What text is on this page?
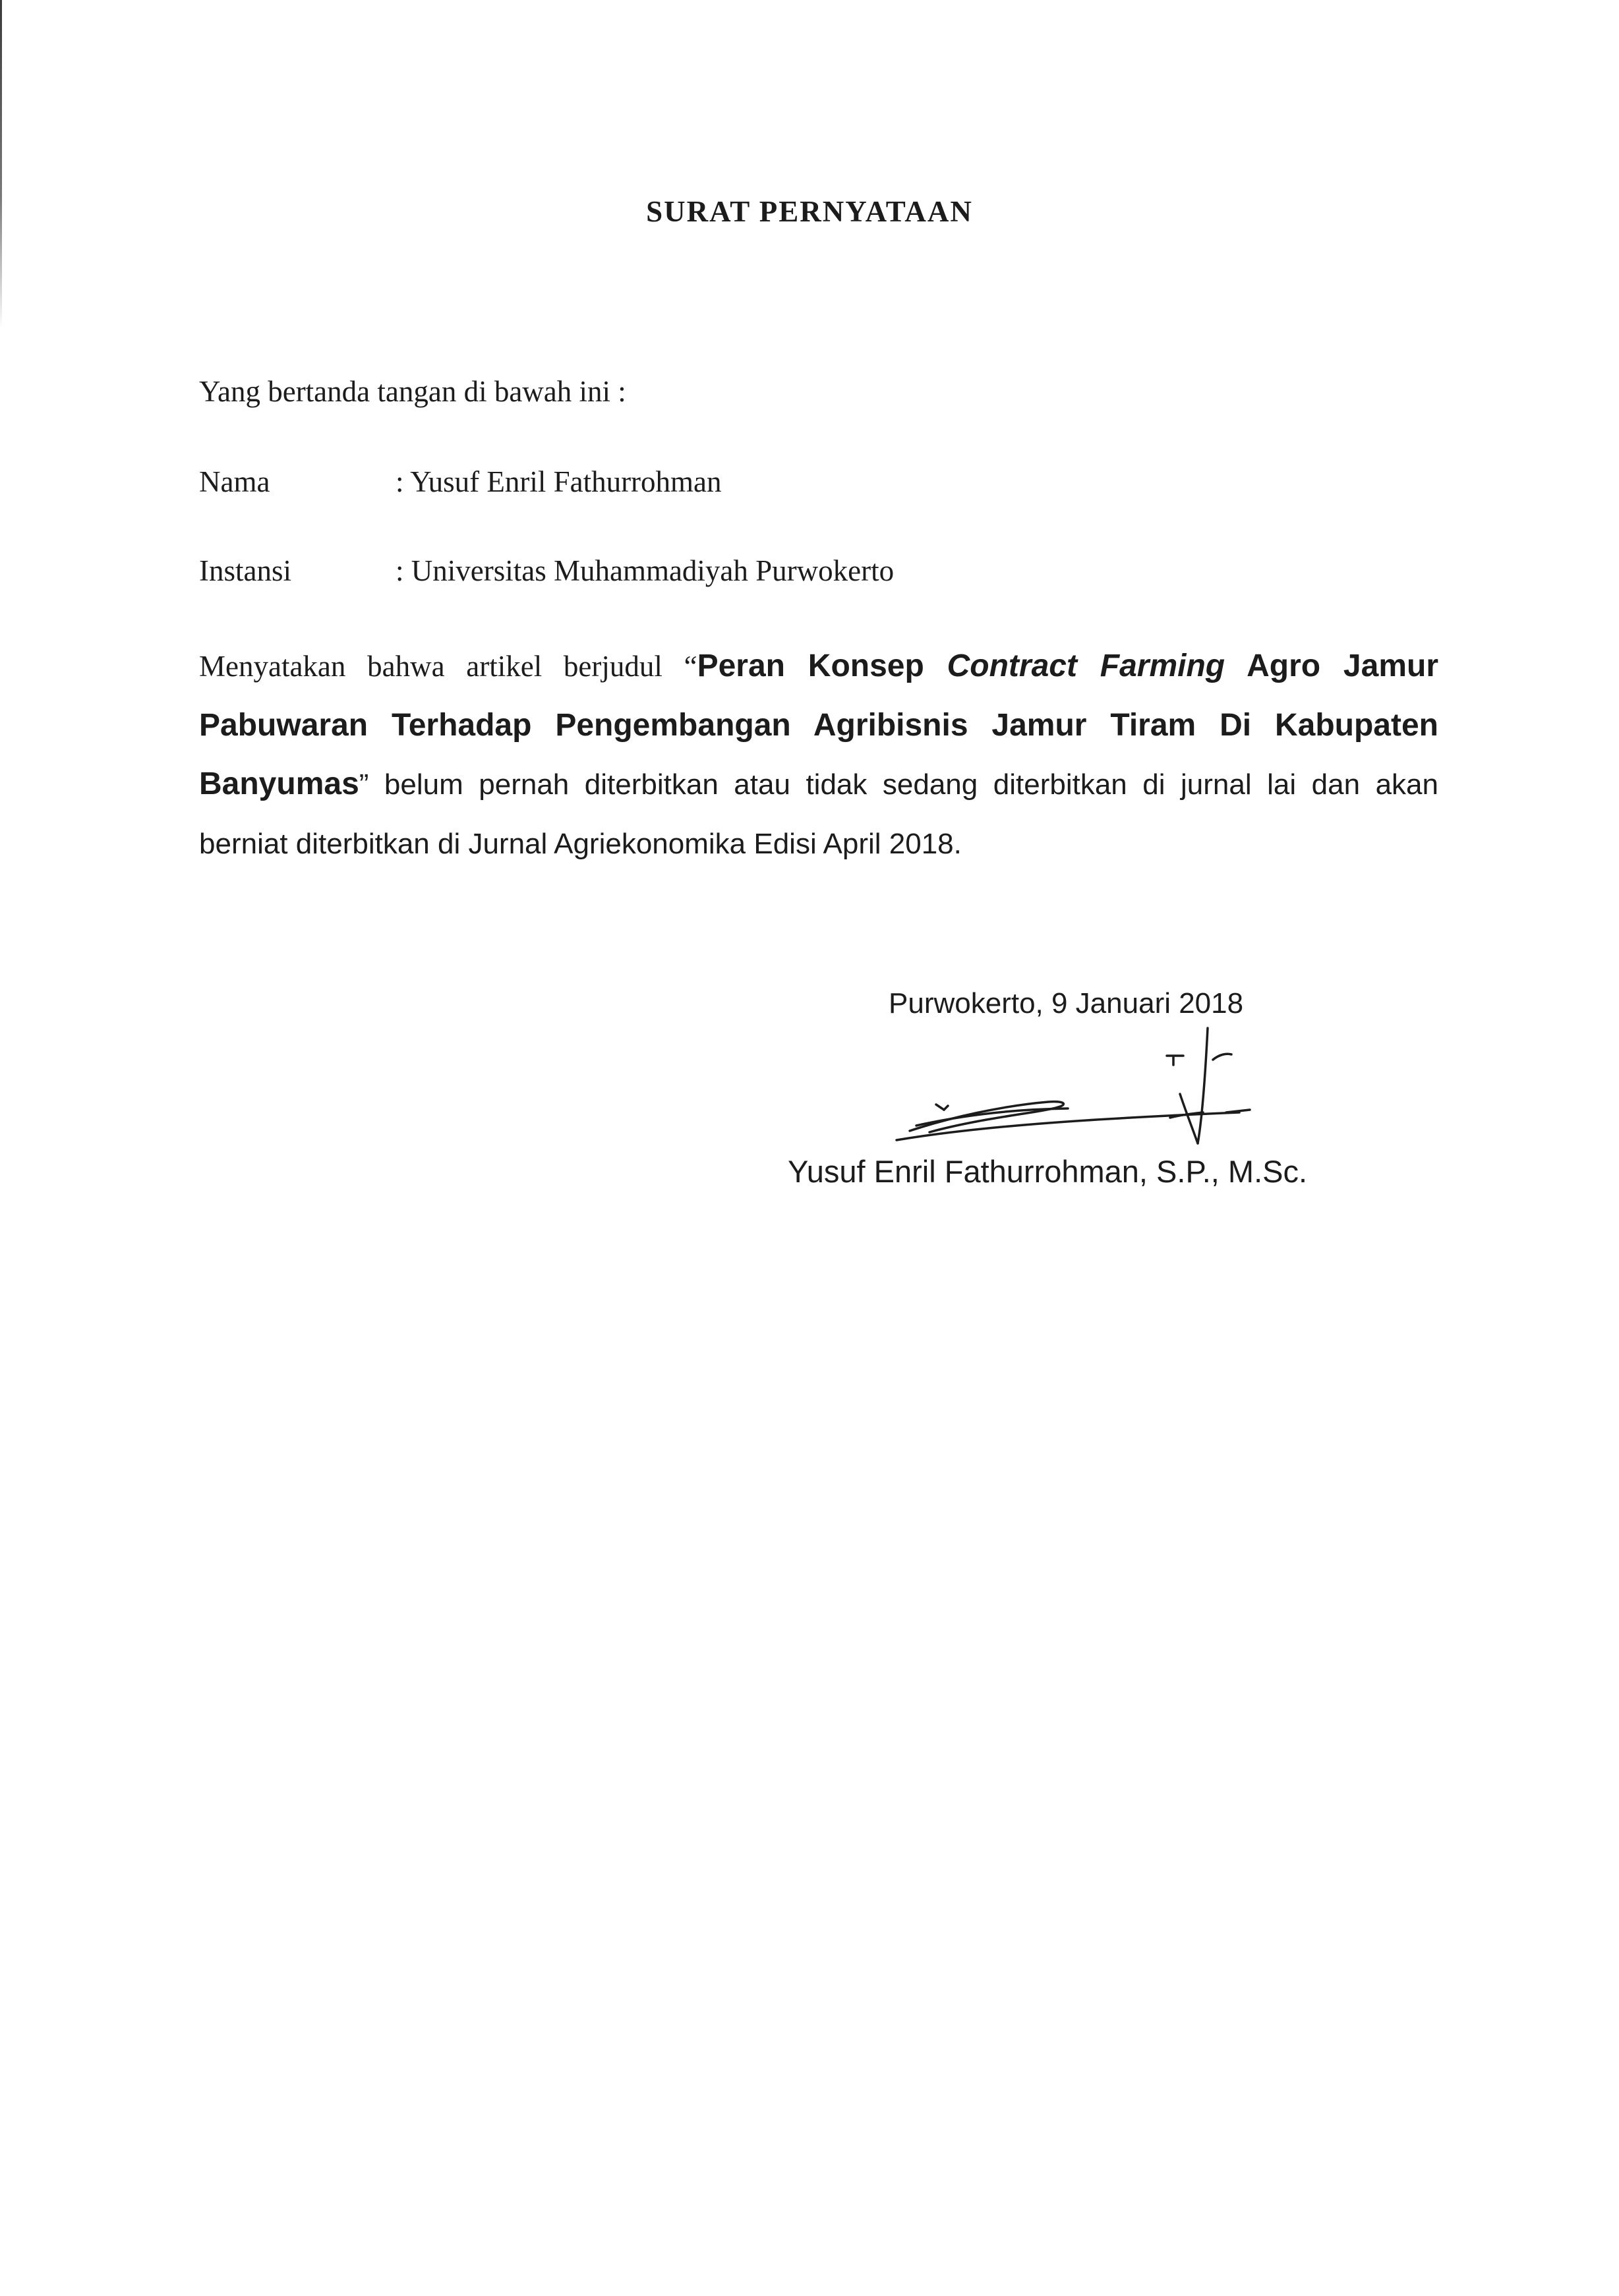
SURAT PERNYATAAN
Yang bertanda tangan di bawah ini :
Nama	: Yusuf Enril Fathurrohman
Instansi	: Universitas Muhammadiyah Purwokerto
Menyatakan bahwa artikel berjudul “Peran Konsep Contract Farming Agro Jamur Pabuwaran Terhadap Pengembangan Agribisnis Jamur Tiram Di Kabupaten Banyumas” belum pernah diterbitkan atau tidak sedang diterbitkan di jurnal lai dan akan berniat diterbitkan di Jurnal Agriekonomika Edisi April 2018.
Purwokerto, 9 Januari 2018
Yusuf Enril Fathurrohman, S.P., M.Sc.
